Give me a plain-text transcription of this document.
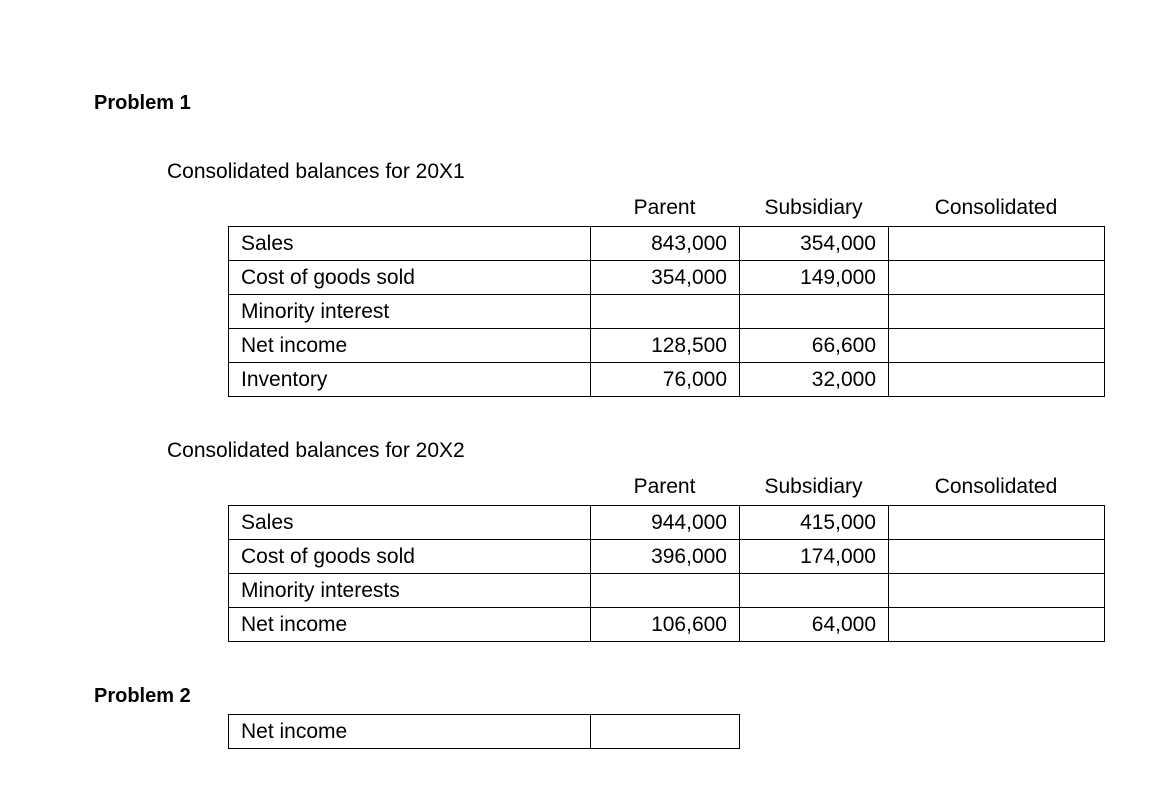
Problem 1
Consolidated balances for 20X1
Parent	Subsidiary	Consolidated
Sales	843,000	354,000	
Cost of goods sold	354,000	149,000	
Minority interest			
Net income	128,500	66,600	
Inventory	76,000	32,000	
Consolidated balances for 20X2
Parent	Subsidiary	Consolidated
Sales	944,000	415,000	
Cost of goods sold	396,000	174,000	
Minority interests			
Net income	106,600	64,000	
Problem 2
Net income	
